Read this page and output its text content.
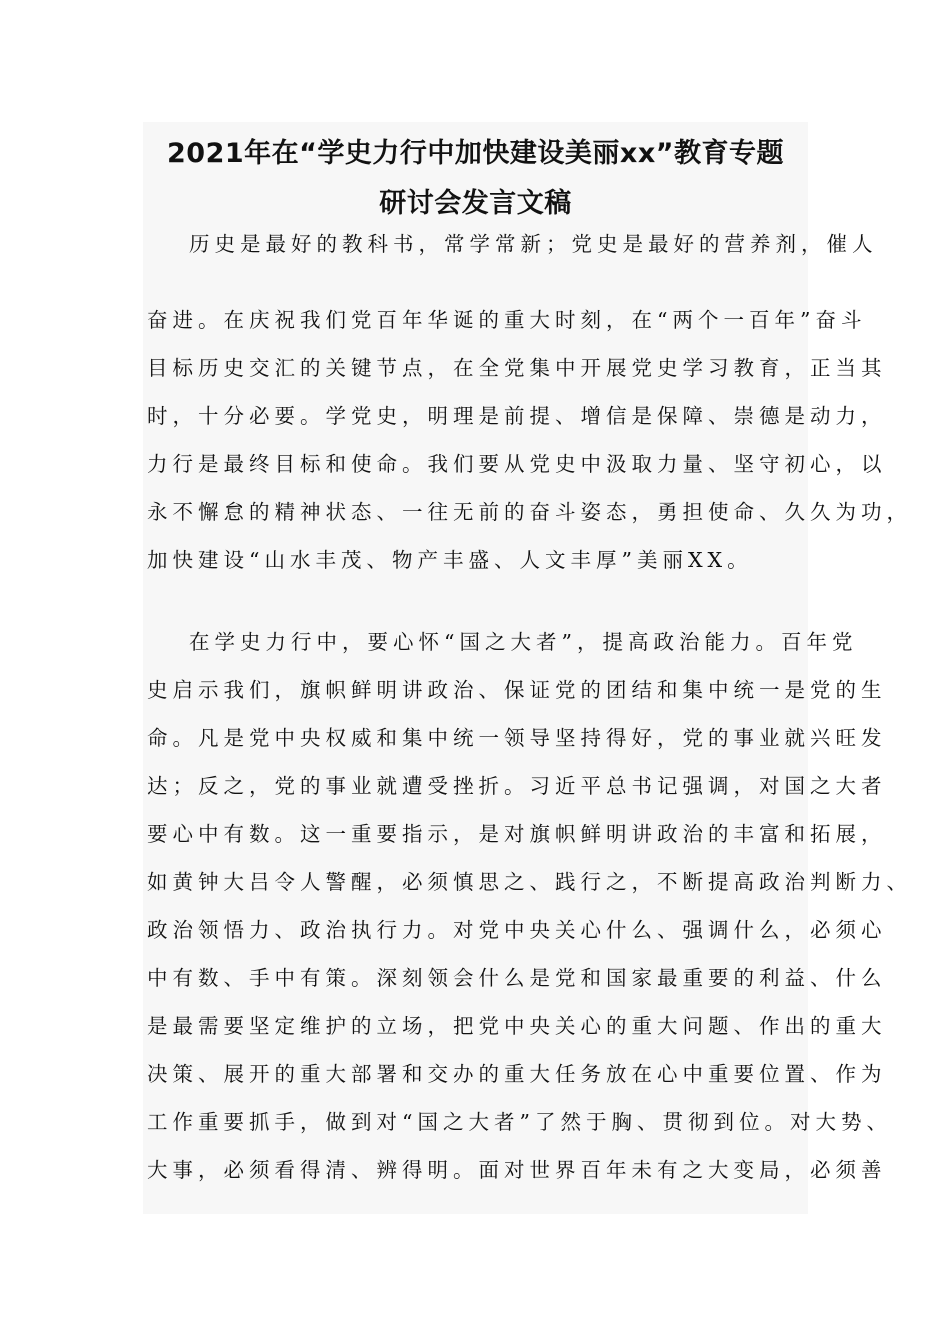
2021年在“学史力行中加快建设美丽xx”教育专题
研讨会发言文稿
历史是最好的教科书，常学常新；党史是最好的营养剂，催人
奋进。在庆祝我们党百年华诞的重大时刻，在“两个一百年”奋斗
目标历史交汇的关键节点，在全党集中开展党史学习教育，正当其
时，十分必要。学党史，明理是前提、增信是保障、崇德是动力，
力行是最终目标和使命。我们要从党史中汲取力量、坚守初心，以
永不懈怠的精神状态、一往无前的奋斗姿态，勇担使命、久久为功，
加快建设“山水丰茂、物产丰盛、人文丰厚”美丽XX。
在学史力行中，要心怀“国之大者”，提高政治能力。百年党
史启示我们，旗帜鲜明讲政治、保证党的团结和集中统一是党的生
命。凡是党中央权威和集中统一领导坚持得好，党的事业就兴旺发
达；反之，党的事业就遭受挫折。习近平总书记强调，对国之大者
要心中有数。这一重要指示，是对旗帜鲜明讲政治的丰富和拓展，
如黄钟大吕令人警醒，必须慎思之、践行之，不断提高政治判断力、
政治领悟力、政治执行力。对党中央关心什么、强调什么，必须心
中有数、手中有策。深刻领会什么是党和国家最重要的利益、什么
是最需要坚定维护的立场，把党中央关心的重大问题、作出的重大
决策、展开的重大部署和交办的重大任务放在心中重要位置、作为
工作重要抓手，做到对“国之大者”了然于胸、贯彻到位。对大势、
大事，必须看得清、辨得明。面对世界百年未有之大变局，必须善
